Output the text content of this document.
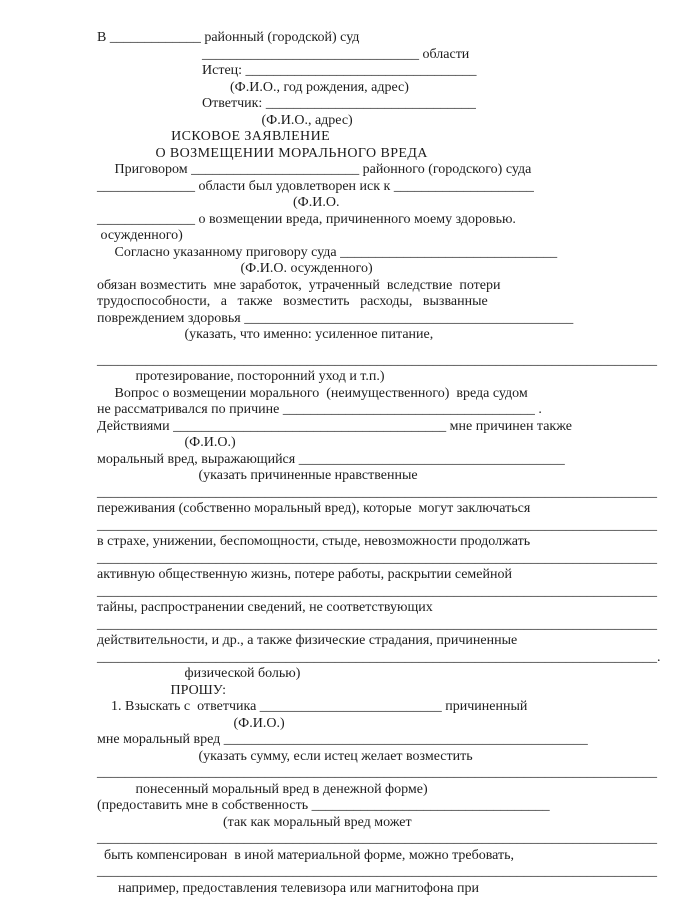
В _____________ районный (городской) суд
_______________________________ области
Истец: _________________________________
(Ф.И.О., год рождения, адрес)
Ответчик: ______________________________
(Ф.И.О., адрес)
ИСКОВОЕ ЗАЯВЛЕНИЕ
О ВОЗМЕЩЕНИИ МОРАЛЬНОГО ВРЕДА
Приговором ________________________ районного (городского) суда
______________ области был удовлетворен иск к ____________________
(Ф.И.О.
______________ о возмещении вреда, причиненного моему здоровью.
осужденного)
Согласно указанному приговору суда _______________________________
(Ф.И.О. осужденного)
обязан возместить  мне заработок,  утраченный  вследствие  потери
трудоспособности,   а   также   возместить   расходы,   вызванные
повреждением здоровья _______________________________________________
(указать, что именно: усиленное питание,
________________________________________________________________________________
протезирование, посторонний уход и т.п.)
Вопрос о возмещении морального  (неимущественного)  вреда судом
не рассматривался по причине ____________________________________ .
Действиями _______________________________________ мне причинен также
(Ф.И.О.)
моральный вред, выражающийся ______________________________________
(указать причиненные нравственные
________________________________________________________________________________
переживания (собственно моральный вред), которые  могут заключаться
________________________________________________________________________________
в страхе, унижении, беспомощности, стыде, невозможности продолжать
________________________________________________________________________________
активную общественную жизнь, потере работы, раскрытии семейной
________________________________________________________________________________
тайны, распространении сведений, не соответствующих
________________________________________________________________________________
действительности, и др., а также физические страдания, причиненные
________________________________________________________________________________.
физической болью)
ПРОШУ:
1. Взыскать с  ответчика __________________________ причиненный
(Ф.И.О.)
мне моральный вред ____________________________________________________
(указать сумму, если истец желает возместить
________________________________________________________________________________
понесенный моральный вред в денежной форме)
(предоставить мне в собственность __________________________________
(так как моральный вред может
________________________________________________________________________________
быть компенсирован  в иной материальной форме, можно требовать,
________________________________________________________________________________
например, предоставления телевизора или магнитофона при
